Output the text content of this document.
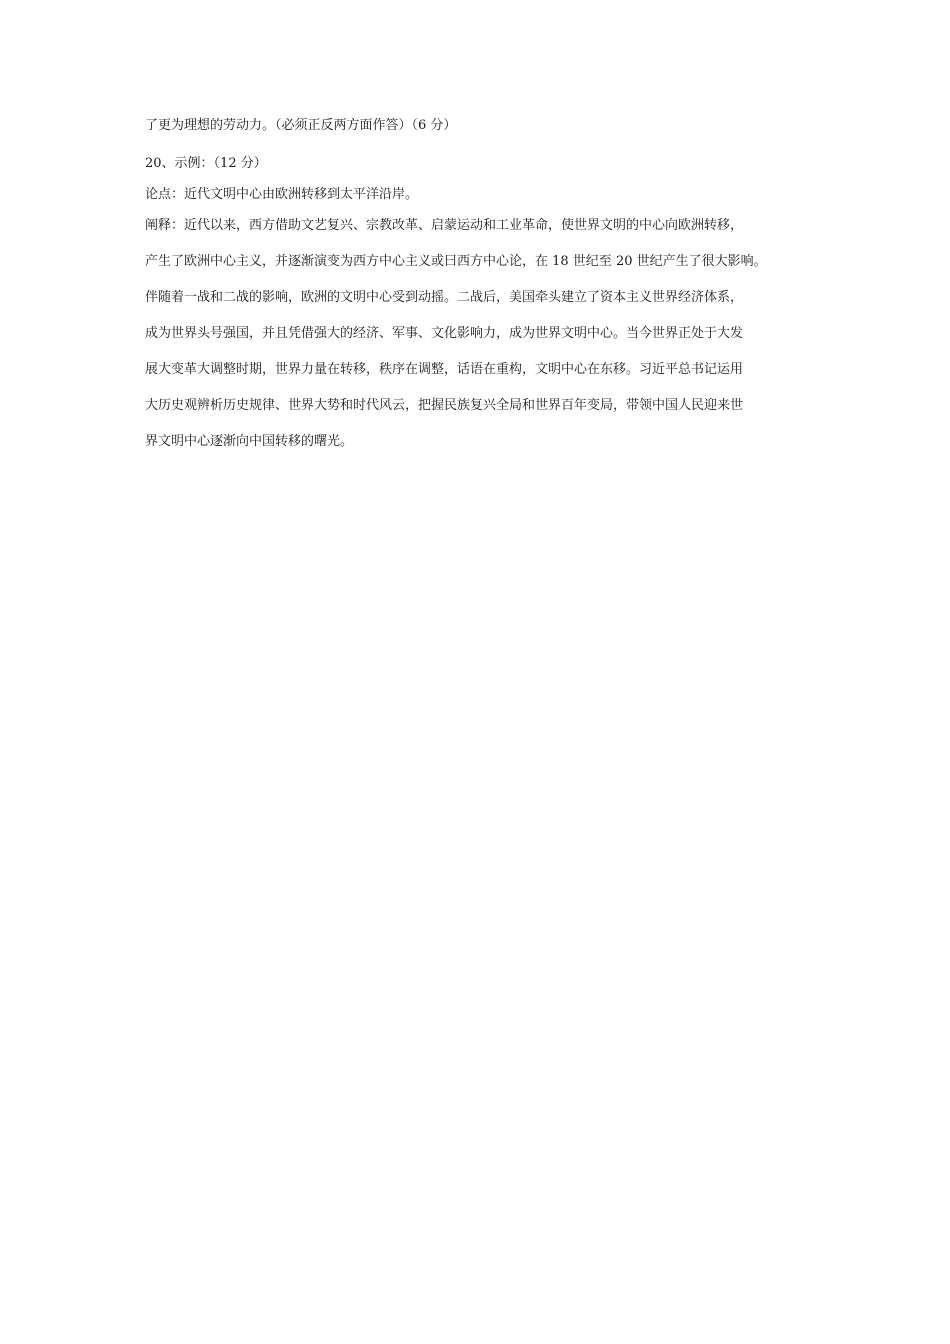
了更为理想的劳动力。（必须正反两方面作答）（6 分）
20、示例：（12 分）
论点：近代文明中心由欧洲转移到太平洋沿岸。
阐释：近代以来，西方借助文艺复兴、宗教改革、启蒙运动和工业革命，使世界文明的中心向欧洲转移，
产生了欧洲中心主义，并逐渐演变为西方中心主义或曰西方中心论，在 18 世纪至 20 世纪产生了很大影响。
伴随着一战和二战的影响，欧洲的文明中心受到动摇。二战后，美国牵头建立了资本主义世界经济体系，
成为世界头号强国，并且凭借强大的经济、军事、文化影响力，成为世界文明中心。当今世界正处于大发
展大变革大调整时期，世界力量在转移，秩序在调整，话语在重构，文明中心在东移。习近平总书记运用
大历史观辨析历史规律、世界大势和时代风云，把握民族复兴全局和世界百年变局，带领中国人民迎来世
界文明中心逐渐向中国转移的曙光。
